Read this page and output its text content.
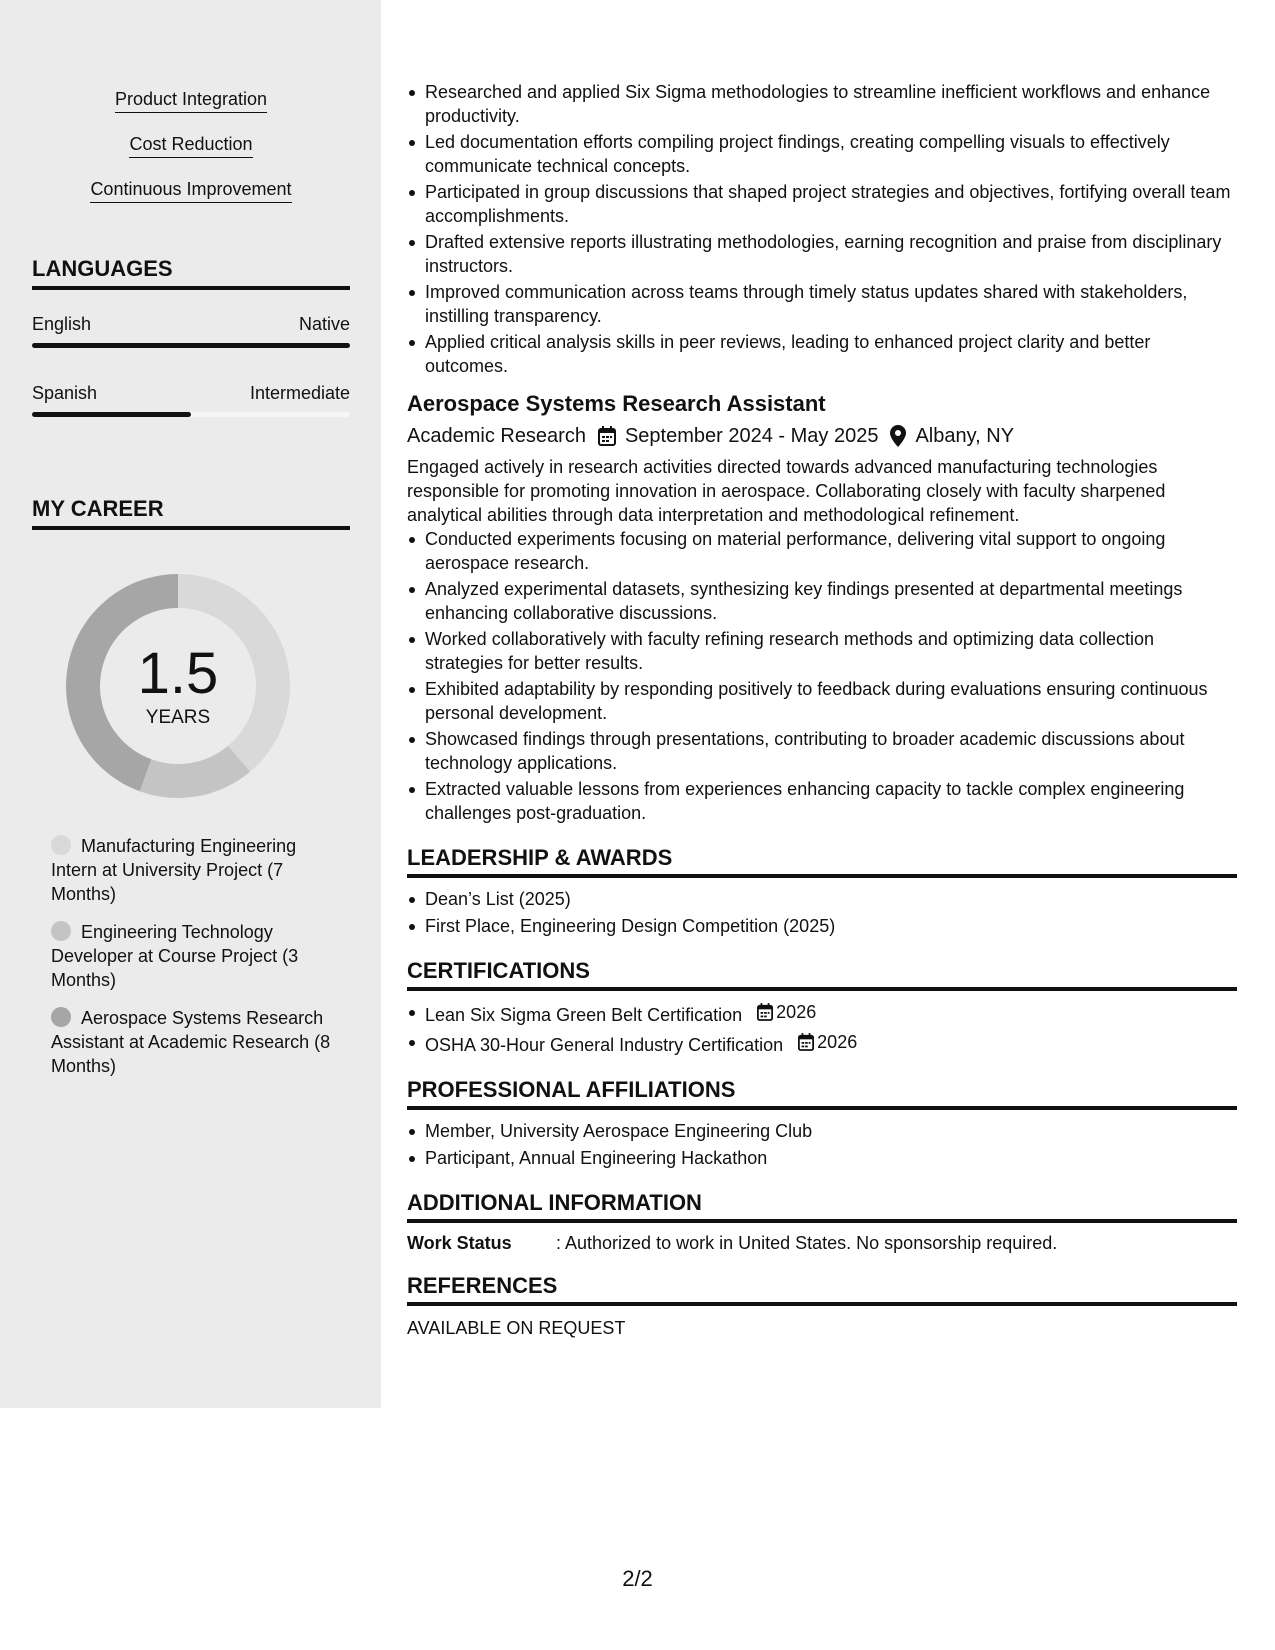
Product Integration
Cost Reduction
Continuous Improvement
LANGUAGES
English	Native
Spanish	Intermediate
MY CAREER
1.5
YEARS
Manufacturing Engineering Intern at University Project (7 Months)
Engineering Technology Developer at Course Project (3 Months)
Aerospace Systems Research Assistant at Academic Research (8 Months)
Researched and applied Six Sigma methodologies to streamline inefficient workflows and enhance productivity.
Led documentation efforts compiling project findings, creating compelling visuals to effectively communicate technical concepts.
Participated in group discussions that shaped project strategies and objectives, fortifying overall team accomplishments.
Drafted extensive reports illustrating methodologies, earning recognition and praise from disciplinary instructors.
Improved communication across teams through timely status updates shared with stakeholders, instilling transparency.
Applied critical analysis skills in peer reviews, leading to enhanced project clarity and better outcomes.
Aerospace Systems Research Assistant
Academic Research September 2024 - May 2025 Albany, NY
Engaged actively in research activities directed towards advanced manufacturing technologies responsible for promoting innovation in aerospace. Collaborating closely with faculty sharpened analytical abilities through data interpretation and methodological refinement.
Conducted experiments focusing on material performance, delivering vital support to ongoing aerospace research.
Analyzed experimental datasets, synthesizing key findings presented at departmental meetings enhancing collaborative discussions.
Worked collaboratively with faculty refining research methods and optimizing data collection strategies for better results.
Exhibited adaptability by responding positively to feedback during evaluations ensuring continuous personal development.
Showcased findings through presentations, contributing to broader academic discussions about technology applications.
Extracted valuable lessons from experiences enhancing capacity to tackle complex engineering challenges post-graduation.
LEADERSHIP & AWARDS
Dean’s List (2025)
First Place, Engineering Design Competition (2025)
CERTIFICATIONS
Lean Six Sigma Green Belt Certification 2026
OSHA 30-Hour General Industry Certification 2026
PROFESSIONAL AFFILIATIONS
Member, University Aerospace Engineering Club
Participant, Annual Engineering Hackathon
ADDITIONAL INFORMATION
Work Status	: Authorized to work in United States. No sponsorship required.
REFERENCES
AVAILABLE ON REQUEST
2/2
